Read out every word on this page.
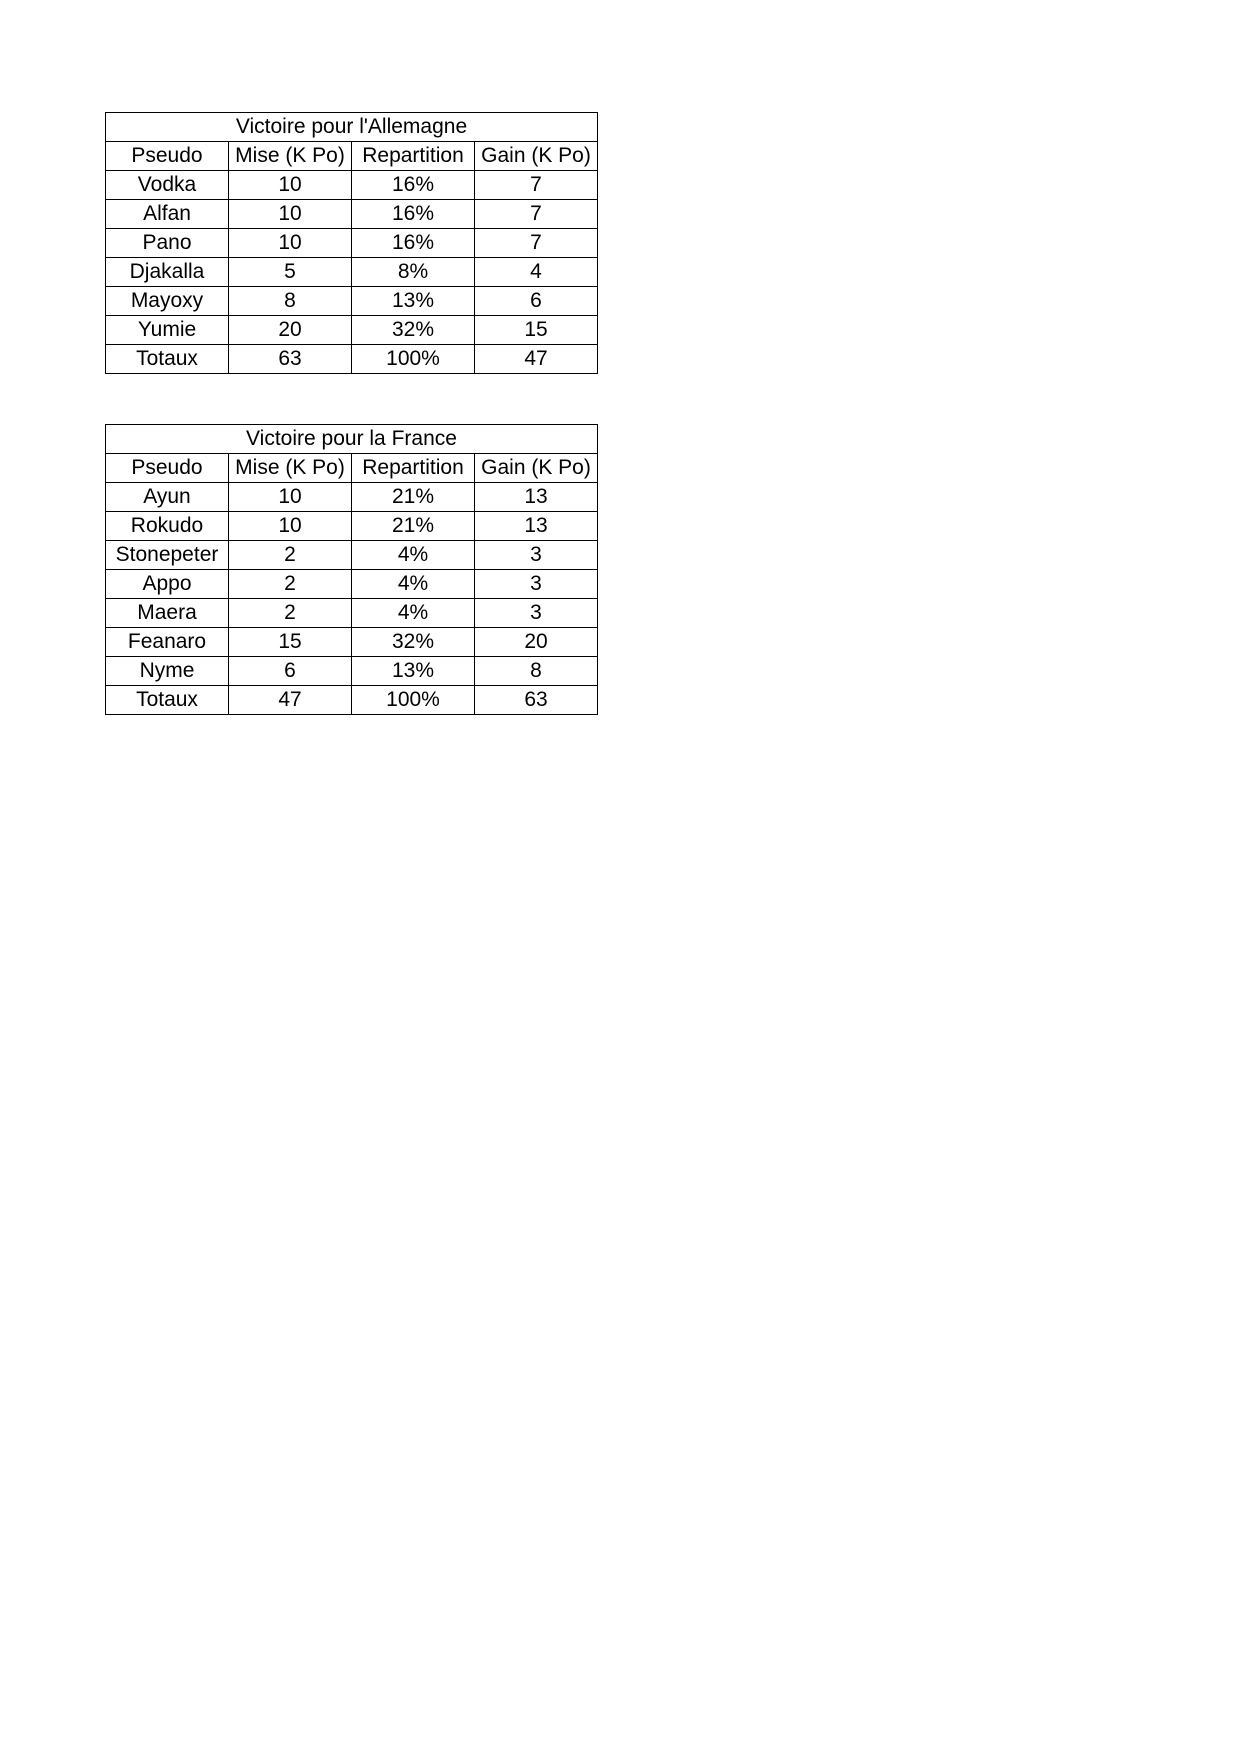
Victoire pour l'Allemagne			
Pseudo	Mise (K Po)	Repartition	Gain (K Po)
Vodka	10	16%	7
Alfan	10	16%	7
Pano	10	16%	7
Djakalla	5	8%	4
Mayoxy	8	13%	6
Yumie	20	32%	15
Totaux	63	100%	47
Victoire pour la France			
Pseudo	Mise (K Po)	Repartition	Gain (K Po)
Ayun	10	21%	13
Rokudo	10	21%	13
Stonepeter	2	4%	3
Appo	2	4%	3
Maera	2	4%	3
Feanaro	15	32%	20
Nyme	6	13%	8
Totaux	47	100%	63
